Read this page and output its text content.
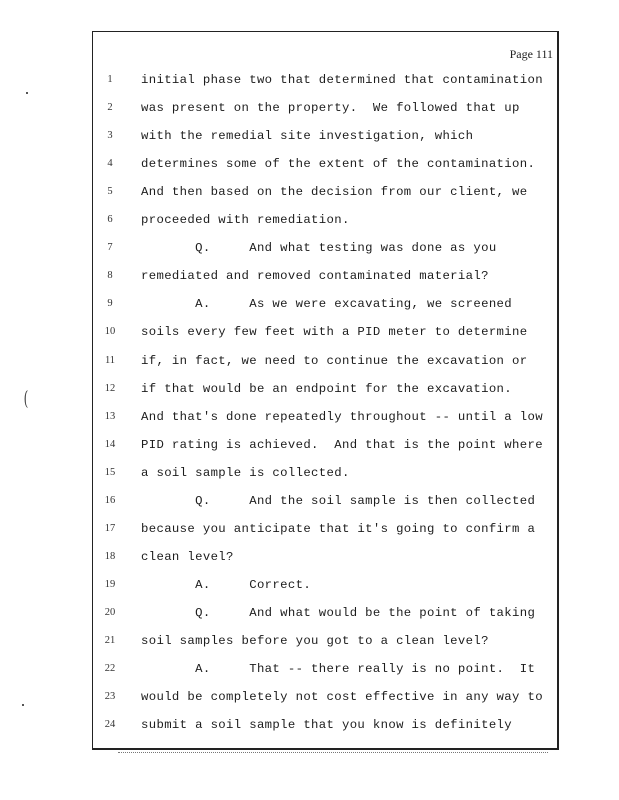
Page 111
1	initial phase two that determined that contamination
2	was present on the property.  We followed that up
3	with the remedial site investigation, which
4	determines some of the extent of the contamination.
5	And then based on the decision from our client, we
6	proceeded with remediation.
7	Q.     And what testing was done as you
8	remediated and removed contaminated material?
9	A.     As we were excavating, we screened
10	soils every few feet with a PID meter to determine
11	if, in fact, we need to continue the excavation or
12	if that would be an endpoint for the excavation.
13	And that's done repeatedly throughout -- until a low
14	PID rating is achieved.  And that is the point where
15	a soil sample is collected.
16	Q.     And the soil sample is then collected
17	because you anticipate that it's going to confirm a
18	clean level?
19	A.     Correct.
20	Q.     And what would be the point of taking
21	soil samples before you got to a clean level?
22	A.     That -- there really is no point.  It
23	would be completely not cost effective in any way to
24	submit a soil sample that you know is definitely
(
